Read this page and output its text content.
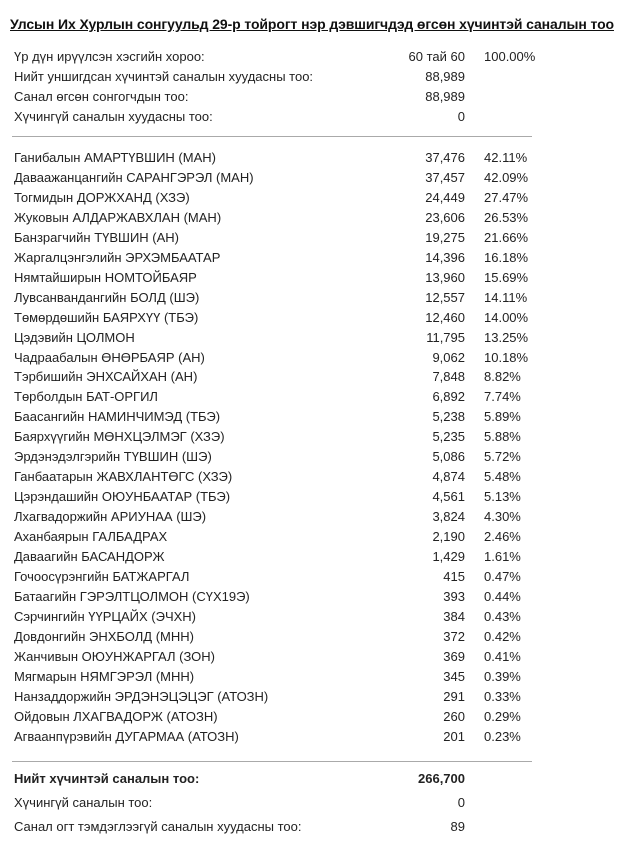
Улсын Их Хурлын сонгуульд 29-р тойрогт нэр дэвшигчдэд өгсөн хүчинтэй саналын тоо
Үр дүн ирүүлсэн хэсгийн хороо:	60 тай 60 100.00%
Нийт уншигдсан хүчинтэй саналын хуудасны тоо:	88,989
Санал өгсөн сонгогчдын тоо:	88,989
Хүчингүй саналын хуудасны тоо:	0
Ганибалын АМАРТҮВШИН (МАН)	37,476 42.11%
Даваажанцангийн САРАНГЭРЭЛ (МАН)	37,457 42.09%
Тогмидын ДОРЖХАНД (ХЗЭ)	24,449 27.47%
Жуковын АЛДАРЖАВХЛАН (МАН)	23,606 26.53%
Банзрагчийн ТҮВШИН (АН)	19,275 21.66%
Жаргалцэнгэлийн ЭРХЭМБААТАР	14,396 16.18%
Нямтайширын НОМТОЙБАЯР	13,960 15.69%
Лувсанвандангийн БОЛД (ШЭ)	12,557 14.11%
Төмөрдөшийн БАЯРХҮҮ (ТБЭ)	12,460 14.00%
Цэдэвийн ЦОЛМОН	11,795 13.25%
Чадраабалын ӨНӨРБАЯР (АН)	9,062 10.18%
Тэрбишийн ЭНХСАЙХАН (АН)	7,848 8.82%
Төрболдын БАТ-ОРГИЛ	6,892 7.74%
Баасангийн НАМИНЧИМЭД (ТБЭ)	5,238 5.89%
Баярхүүгийн МӨНХЦЭЛМЭГ (ХЗЭ)	5,235 5.88%
Эрдэнэдэлгэрийн ТҮВШИН (ШЭ)	5,086 5.72%
Ганбаатарын ЖАВХЛАНТӨГС (ХЗЭ)	4,874 5.48%
Цэрэндашийн ОЮУНБААТАР (ТБЭ)	4,561 5.13%
Лхагвадоржийн АРИУНАА (ШЭ)	3,824 4.30%
Аханбаярын ГАЛБАДРАХ	2,190 2.46%
Даваагийн БАСАНДОРЖ	1,429 1.61%
Гочоосүрэнгийн БАТЖАРГАЛ	415 0.47%
Батаагийн ГЭРЭЛТЦОЛМОН (СҮХ19Э)	393 0.44%
Сэрчингийн ҮҮРЦАЙХ (ЭЧХН)	384 0.43%
Довдонгийн ЭНХБОЛД (МНН)	372 0.42%
Жанчивын ОЮУНЖАРГАЛ (ЗОН)	369 0.41%
Мягмарын НЯМГЭРЭЛ (МНН)	345 0.39%
Нанзаддоржийн ЭРДЭНЭЦЭЦЭГ (АТОЗН)	291 0.33%
Ойдовын ЛХАГВАДОРЖ (АТОЗН)	260 0.29%
Агваанпүрэвийн ДУГАРМАА (АТОЗН)	201 0.23%
Нийт хүчинтэй саналын тоо:	266,700
Хүчингүй саналын тоо:	0
Санал огт тэмдэглээгүй саналын хуудасны тоо:	89
